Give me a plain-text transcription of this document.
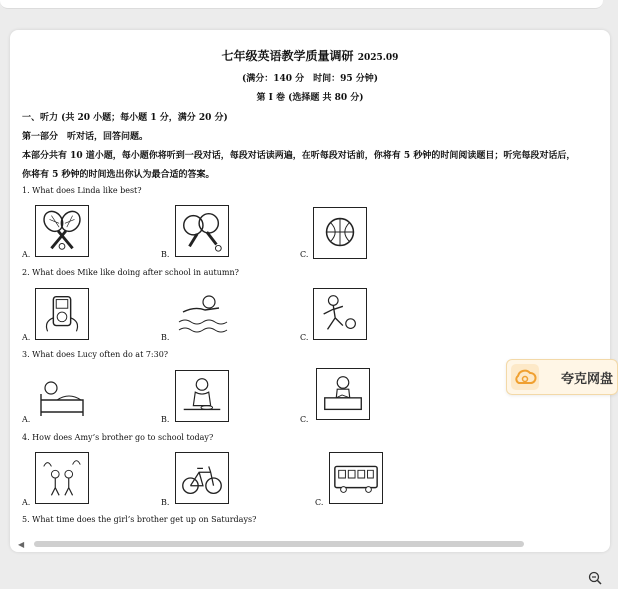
七年级英语教学质量调研 2025.09
(满分：140 分　时间：95 分钟)
第 I 卷 (选择题 共 80 分)
一、听力 (共 20 小题；每小题 1 分，满分 20 分)
第一部分　听对话，回答问题。
本部分共有 10 道小题，每小题你将听到一段对话，每段对话读两遍，在听每段对话前，你将有 5 秒钟的时间阅读题目；听完每段对话后，
你将有 5 秒钟的时间选出你认为最合适的答案。
1. What does Linda like best?
A.	B.	C.
2. What does Mike like doing after school in autumn?
A.	B.	C.
3. What does Lucy often do at 7:30?
A.	B.	C.
4. How does Amy’s brother go to school today?
A.	B.	C.
5. What time does the girl’s brother get up on Saturdays?
◀
夸克网盘
